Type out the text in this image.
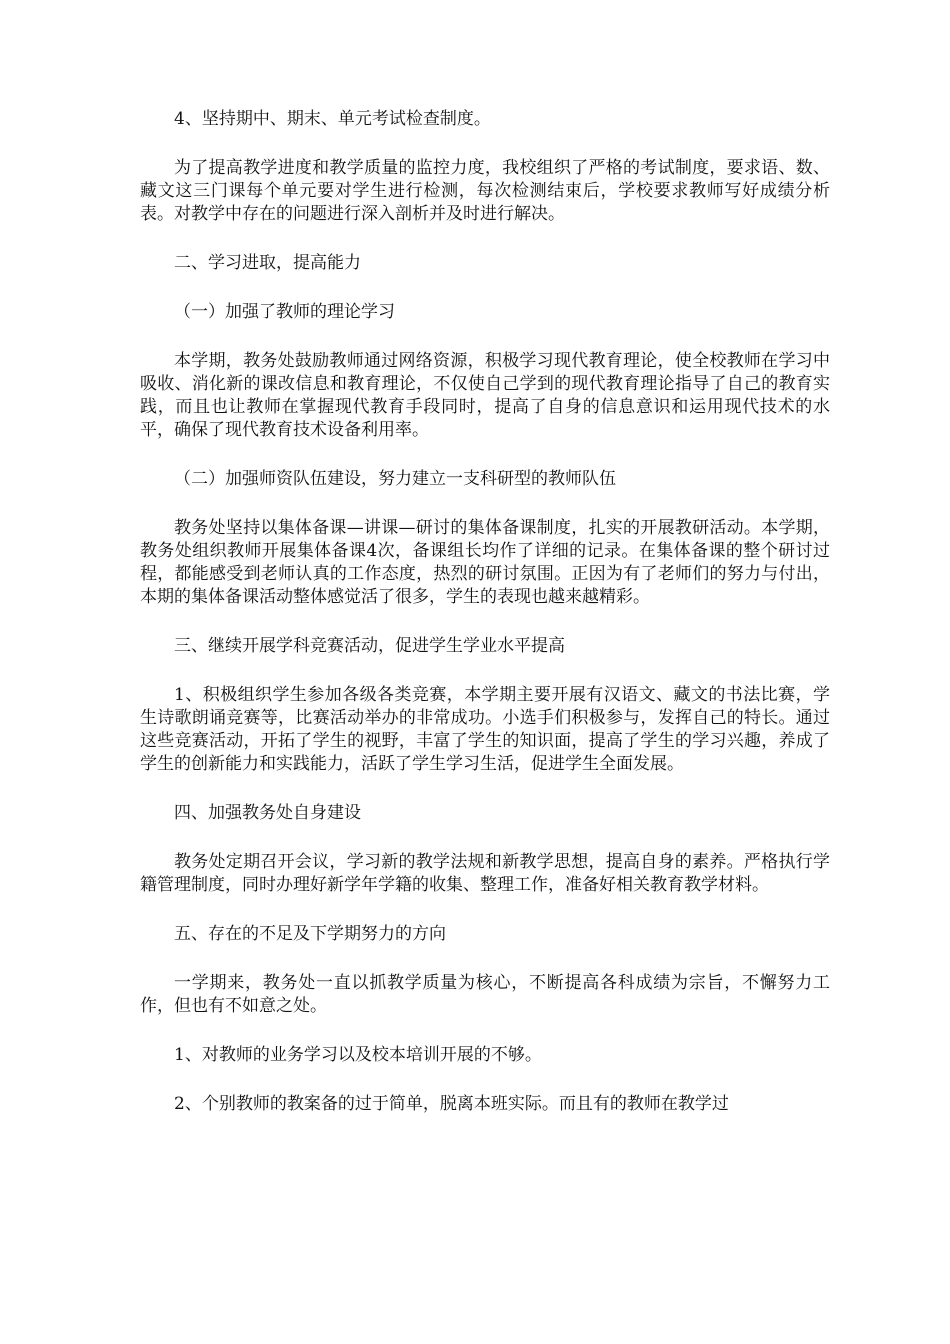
4、坚持期中、期末、单元考试检查制度。

为了提高教学进度和教学质量的监控力度，我校组织了严格的考试制度，要求语、数、藏文这三门课每个单元要对学生进行检测，每次检测结束后，学校要求教师写好成绩分析表。对教学中存在的问题进行深入剖析并及时进行解决。

二、学习进取，提高能力

（一）加强了教师的理论学习

本学期，教务处鼓励教师通过网络资源，积极学习现代教育理论，使全校教师在学习中吸收、消化新的课改信息和教育理论，不仅使自己学到的现代教育理论指导了自己的教育实践，而且也让教师在掌握现代教育手段同时，提高了自身的信息意识和运用现代技术的水平，确保了现代教育技术设备利用率。

（二）加强师资队伍建设，努力建立一支科研型的教师队伍

教务处坚持以集体备课—讲课—研讨的集体备课制度，扎实的开展教研活动。本学期，教务处组织教师开展集体备课4次，备课组长均作了详细的记录。在集体备课的整个研讨过程，都能感受到老师认真的工作态度，热烈的研讨氛围。正因为有了老师们的努力与付出，本期的集体备课活动整体感觉活了很多，学生的表现也越来越精彩。

三、继续开展学科竞赛活动，促进学生学业水平提高

1、积极组织学生参加各级各类竞赛，本学期主要开展有汉语文、藏文的书法比赛，学生诗歌朗诵竞赛等，比赛活动举办的非常成功。小选手们积极参与，发挥自己的特长。通过这些竞赛活动，开拓了学生的视野，丰富了学生的知识面，提高了学生的学习兴趣，养成了学生的创新能力和实践能力，活跃了学生学习生活，促进学生全面发展。

四、加强教务处自身建设

教务处定期召开会议，学习新的教学法规和新教学思想，提高自身的素养。严格执行学籍管理制度，同时办理好新学年学籍的收集、整理工作，准备好相关教育教学材料。

五、存在的不足及下学期努力的方向

一学期来，教务处一直以抓教学质量为核心，不断提高各科成绩为宗旨，不懈努力工作，但也有不如意之处。

1、对教师的业务学习以及校本培训开展的不够。

2、个别教师的教案备的过于简单，脱离本班实际。而且有的教师在教学过
